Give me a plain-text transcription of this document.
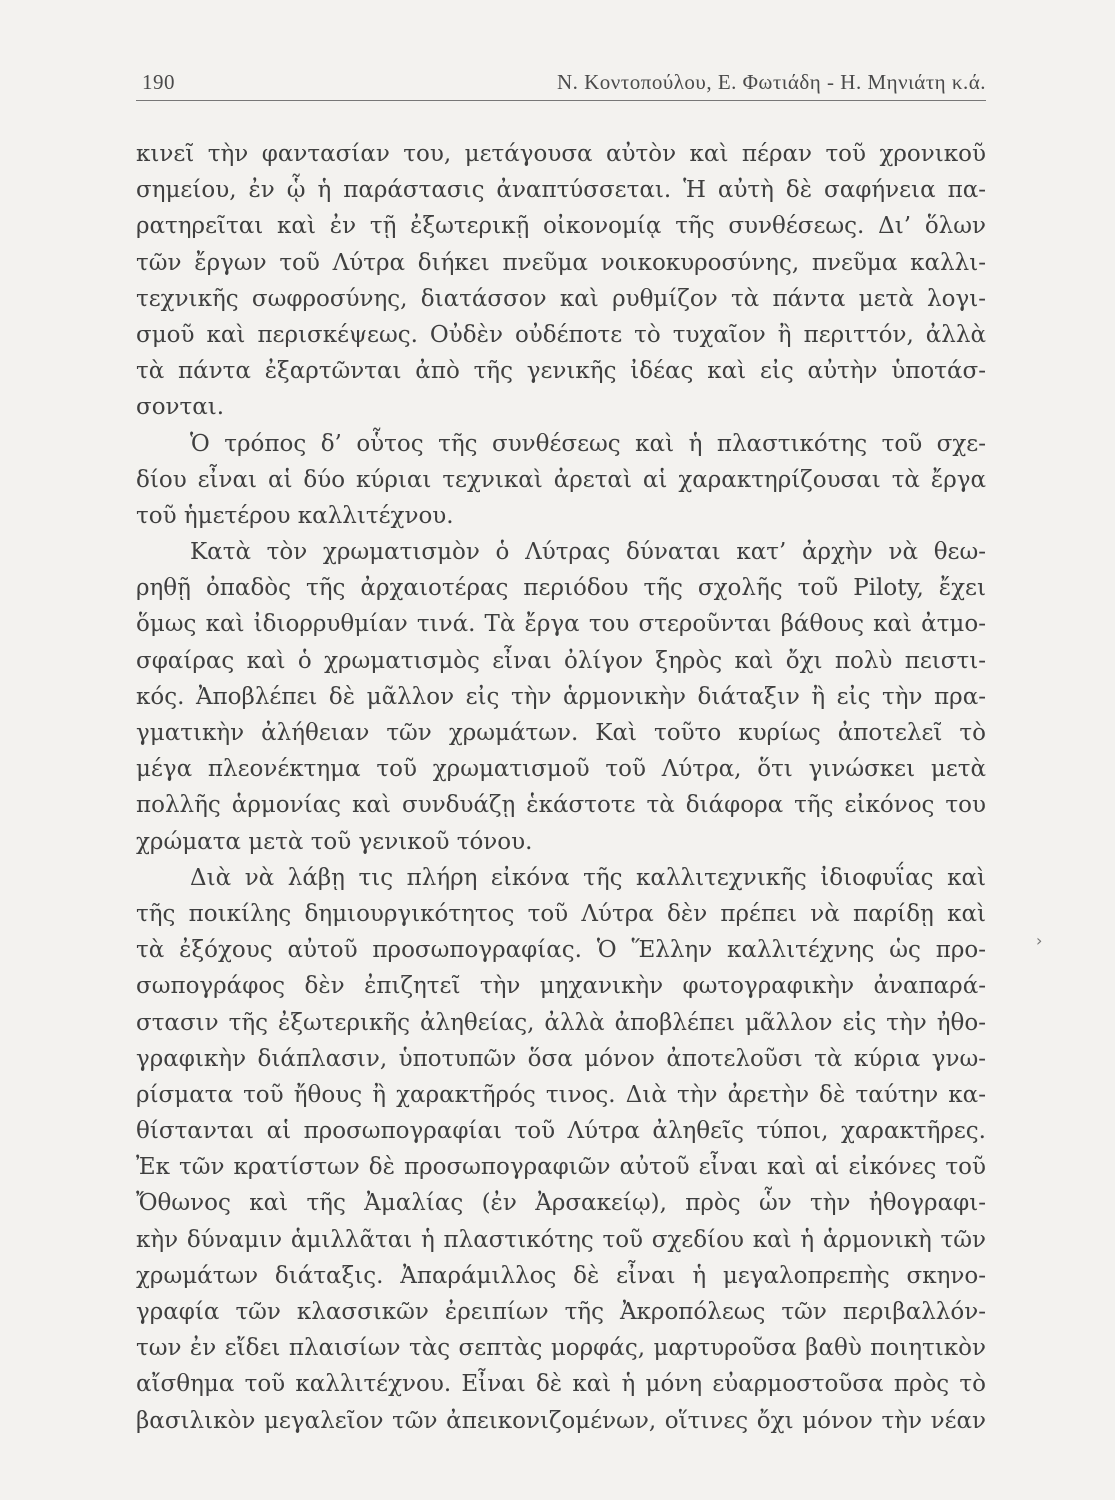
190	Ν. Κοντοπούλου, Ε. Φωτιάδη - Η. Μηνιάτη κ.ά.
κινεῖ τὴν φαντασίαν του, μετάγουσα αὐτὸν καὶ πέραν τοῦ χρονικοῦ
σημείου, ἐν ᾧ ἡ παράστασις ἀναπτύσσεται. Ἡ αὐτὴ δὲ σαφήνεια πα-
ρατηρεῖται καὶ ἐν τῇ ἐξωτερικῇ οἰκονομίᾳ τῆς συνθέσεως. Δι’ ὅλων
τῶν ἔργων τοῦ Λύτρα διήκει πνεῦμα νοικοκυροσύνης, πνεῦμα καλλι-
τεχνικῆς σωφροσύνης, διατάσσον καὶ ρυθμίζον τὰ πάντα μετὰ λογι-
σμοῦ καὶ περισκέψεως. Οὐδὲν οὐδέποτε τὸ τυχαῖον ἢ περιττόν, ἀλλὰ
τὰ πάντα ἐξαρτῶνται ἀπὸ τῆς γενικῆς ἰδέας καὶ εἰς αὐτὴν ὑποτάσ-
σονται.
Ὁ τρόπος δ’ οὗτος τῆς συνθέσεως καὶ ἡ πλαστικότης τοῦ σχε-
δίου εἶναι αἱ δύο κύριαι τεχνικαὶ ἀρεταὶ αἱ χαρακτηρίζουσαι τὰ ἔργα
τοῦ ἡμετέρου καλλιτέχνου.
Κατὰ τὸν χρωματισμὸν ὁ Λύτρας δύναται κατ’ ἀρχὴν νὰ θεω-
ρηθῇ ὀπαδὸς τῆς ἀρχαιοτέρας περιόδου τῆς σχολῆς τοῦ Piloty, ἔχει
ὅμως καὶ ἰδιορρυθμίαν τινά. Τὰ ἔργα του στεροῦνται βάθους καὶ ἀτμο-
σφαίρας καὶ ὁ χρωματισμὸς εἶναι ὀλίγον ξηρὸς καὶ ὄχι πολὺ πειστι-
κός. Ἀποβλέπει δὲ μᾶλλον εἰς τὴν ἁρμονικὴν διάταξιν ἢ εἰς τὴν πρα-
γματικὴν ἀλήθειαν τῶν χρωμάτων. Καὶ τοῦτο κυρίως ἀποτελεῖ τὸ
μέγα πλεονέκτημα τοῦ χρωματισμοῦ τοῦ Λύτρα, ὅτι γινώσκει μετὰ
πολλῆς ἁρμονίας καὶ συνδυάζῃ ἑκάστοτε τὰ διάφορα τῆς εἰκόνος του
χρώματα μετὰ τοῦ γενικοῦ τόνου.
Διὰ νὰ λάβῃ τις πλήρη εἰκόνα τῆς καλλιτεχνικῆς ἰδιοφυΐας καὶ
τῆς ποικίλης δημιουργικότητος τοῦ Λύτρα δὲν πρέπει νὰ παρίδῃ καὶ
τὰ ἐξόχους αὐτοῦ προσωπογραφίας. Ὁ Ἕλλην καλλιτέχνης ὡς προ-
σωπογράφος δὲν ἐπιζητεῖ τὴν μηχανικὴν φωτογραφικὴν ἀναπαρά-
στασιν τῆς ἐξωτερικῆς ἀληθείας, ἀλλὰ ἀποβλέπει μᾶλλον εἰς τὴν ἠθο-
γραφικὴν διάπλασιν, ὑποτυπῶν ὅσα μόνον ἀποτελοῦσι τὰ κύρια γνω-
ρίσματα τοῦ ἤθους ἢ χαρακτῆρός τινος. Διὰ τὴν ἀρετὴν δὲ ταύτην κα-
θίστανται αἱ προσωπογραφίαι τοῦ Λύτρα ἀληθεῖς τύποι, χαρακτῆρες.
Ἐκ τῶν κρατίστων δὲ προσωπογραφιῶν αὐτοῦ εἶναι καὶ αἱ εἰκόνες τοῦ
Ὄθωνος καὶ τῆς Ἀμαλίας (ἐν Ἀρσακείῳ), πρὸς ὧν τὴν ἠθογραφι-
κὴν δύναμιν ἁμιλλᾶται ἡ πλαστικότης τοῦ σχεδίου καὶ ἡ ἁρμονικὴ τῶν
χρωμάτων διάταξις. Ἀπαράμιλλος δὲ εἶναι ἡ μεγαλοπρεπὴς σκηνο-
γραφία τῶν κλασσικῶν ἐρειπίων τῆς Ἀκροπόλεως τῶν περιβαλλόν-
των ἐν εἴδει πλαισίων τὰς σεπτὰς μορφάς, μαρτυροῦσα βαθὺ ποιητικὸν
αἴσθημα τοῦ καλλιτέχνου. Εἶναι δὲ καὶ ἡ μόνη εὐαρμοστοῦσα πρὸς τὸ
βασιλικὸν μεγαλεῖον τῶν ἀπεικονιζομένων, οἵτινες ὄχι μόνον τὴν νέαν
›
